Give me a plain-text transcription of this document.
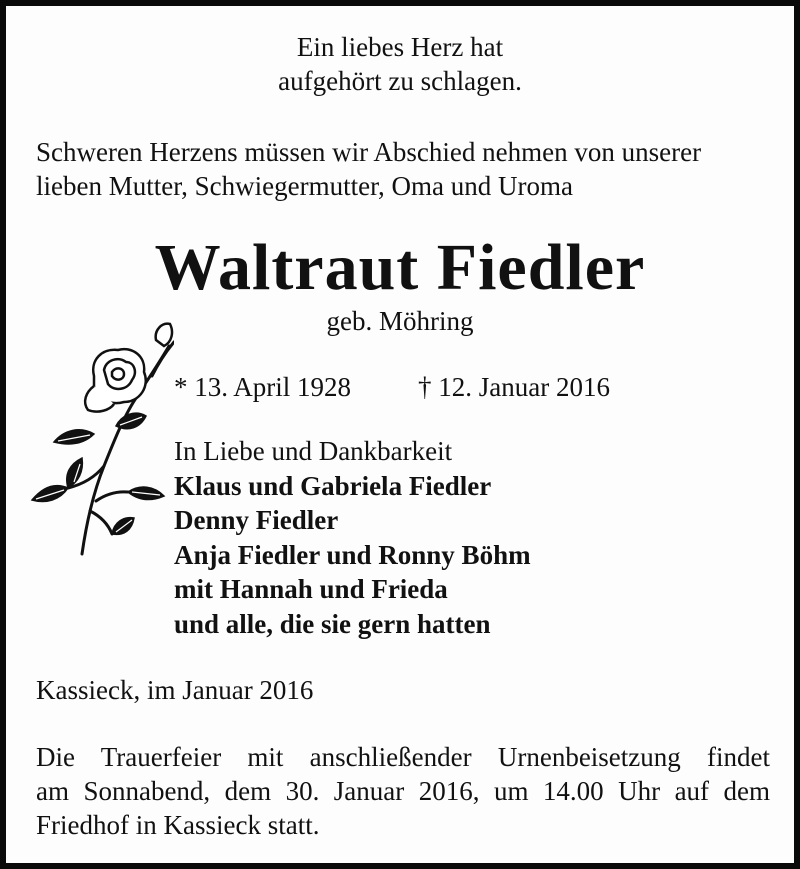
Ein liebes Herz hat

aufgehört zu schlagen.

Schweren Herzens müssen wir Abschied nehmen von unserer

lieben Mutter, Schwiegermutter, Oma und Uroma

Waltraut Fiedler

geb. Möhring

* 13. April 1928 † 12. Januar 2016

In Liebe und Dankbarkeit

Klaus und Gabriela Fiedler

Denny Fiedler

Anja Fiedler und Ronny Böhm

mit Hannah und Frieda

und alle, die sie gern hatten

Kassieck, im Januar 2016

Die Trauerfeier mit anschließender Urnenbeisetzung findet

am Sonnabend, dem 30. Januar 2016, um 14.00 Uhr auf dem

Friedhof in Kassieck statt.
